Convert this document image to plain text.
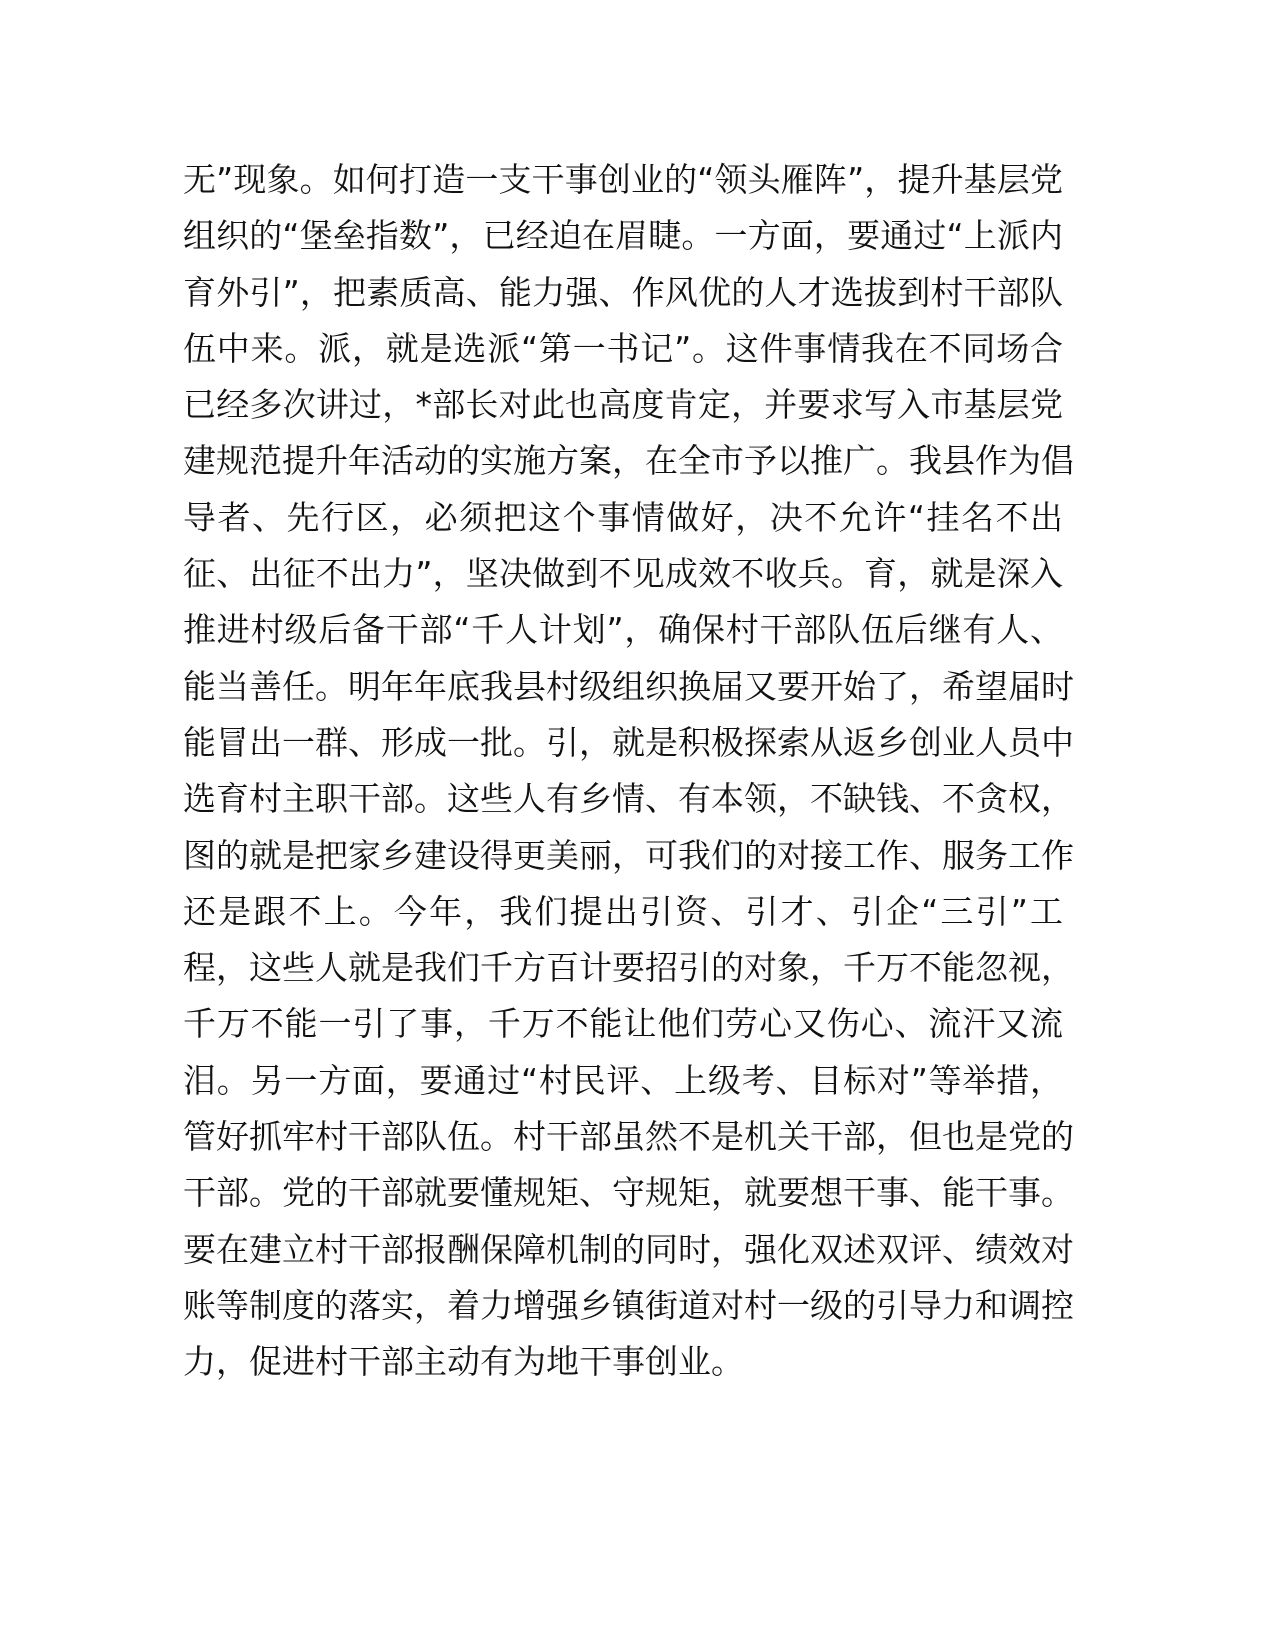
无”现象。如何打造一支干事创业的“领头雁阵”，提升基层党
组织的“堡垒指数”，已经迫在眉睫。一方面，要通过“上派内
育外引”，把素质高、能力强、作风优的人才选拔到村干部队
伍中来。派，就是选派“第一书记”。这件事情我在不同场合
已经多次讲过，*部长对此也高度肯定，并要求写入市基层党
建规范提升年活动的实施方案，在全市予以推广。我县作为倡
导者、先行区，必须把这个事情做好，决不允许“挂名不出
征、出征不出力”，坚决做到不见成效不收兵。育，就是深入
推进村级后备干部“千人计划”，确保村干部队伍后继有人、
能当善任。明年年底我县村级组织换届又要开始了，希望届时
能冒出一群、形成一批。引，就是积极探索从返乡创业人员中
选育村主职干部。这些人有乡情、有本领，不缺钱、不贪权，
图的就是把家乡建设得更美丽，可我们的对接工作、服务工作
还是跟不上。今年，我们提出引资、引才、引企“三引”工
程，这些人就是我们千方百计要招引的对象，千万不能忽视，
千万不能一引了事，千万不能让他们劳心又伤心、流汗又流
泪。另一方面，要通过“村民评、上级考、目标对”等举措，
管好抓牢村干部队伍。村干部虽然不是机关干部，但也是党的
干部。党的干部就要懂规矩、守规矩，就要想干事、能干事。
要在建立村干部报酬保障机制的同时，强化双述双评、绩效对
账等制度的落实，着力增强乡镇街道对村一级的引导力和调控
力，促进村干部主动有为地干事创业。
